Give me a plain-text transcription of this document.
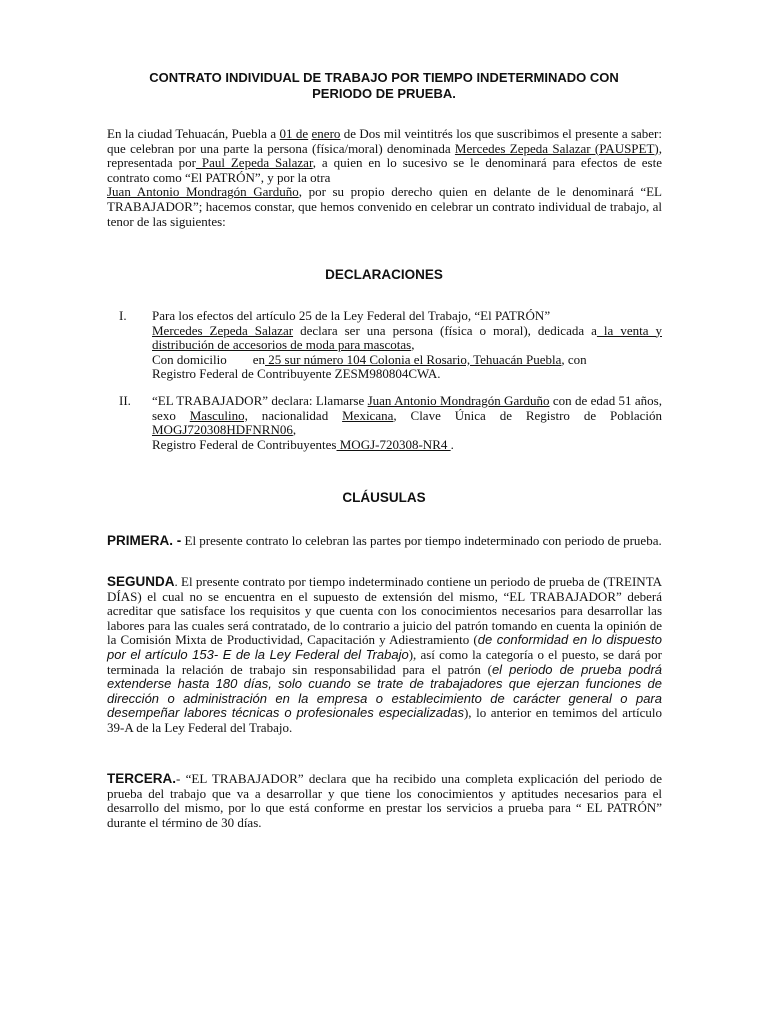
CONTRATO INDIVIDUAL DE TRABAJO POR TIEMPO INDETERMINADO CON
PERIODO DE PRUEBA.
En la ciudad Tehuacán, Puebla a 01 de enero de Dos mil veintitrés los que suscribimos el presente a saber: que celebran por una parte la persona (física/moral) denominada Mercedes Zepeda Salazar (PAUSPET), representada por Paul Zepeda Salazar, a quien en lo sucesivo se le denominará para efectos de este contrato como “El PATRÓN”, y por la otra
Juan Antonio Mondragón Garduño, por su propio derecho quien en delante de le denominará “EL TRABAJADOR”; hacemos constar, que hemos convenido en celebrar un contrato individual de trabajo, al tenor de las siguientes:
DECLARACIONES
I. Para los efectos del artículo 25 de la Ley Federal del Trabajo, “El PATRÓN”
Mercedes Zepeda Salazar declara ser una persona (física o moral), dedicada a la venta y distribución de accesorios de moda para mascotas,
Con domicilio        en 25 sur número 104 Colonia el Rosario, Tehuacán Puebla, con
Registro Federal de Contribuyente ZESM980804CWA.
II. “EL TRABAJADOR” declara: Llamarse Juan Antonio Mondragón Garduño con de edad 51 años, sexo Masculino, nacionalidad Mexicana, Clave Única de Registro de Población MOGJ720308HDFNRN06,
Registro Federal de Contribuyentes MOGJ-720308-NR4 .
CLÁUSULAS
PRIMERA. - El presente contrato lo celebran las partes por tiempo indeterminado con periodo de prueba.
SEGUNDA. El presente contrato por tiempo indeterminado contiene un periodo de prueba de (TREINTA DÍAS) el cual no se encuentra en el supuesto de extensión del mismo, “EL TRABAJADOR” deberá acreditar que satisface los requisitos y que cuenta con los conocimientos necesarios para desarrollar las labores para las cuales será contratado, de lo contrario a juicio del patrón tomando en cuenta la opinión de la Comisión Mixta de Productividad, Capacitación y Adiestramiento (de conformidad en lo dispuesto por el artículo 153- E de la Ley Federal del Trabajo), así como la categoría o el puesto, se dará por terminada la relación de trabajo sin responsabilidad para el patrón (el periodo de prueba podrá extenderse hasta 180 días, solo cuando se trate de trabajadores que ejerzan funciones de dirección o administración en la empresa o establecimiento de carácter general o para desempeñar labores técnicas o profesionales especializadas), lo anterior en temimos del artículo 39-A de la Ley Federal del Trabajo.
TERCERA.- “EL TRABAJADOR” declara que ha recibido una completa explicación del periodo de prueba del trabajo que va a desarrollar y que tiene los conocimientos y aptitudes necesarios para el desarrollo del mismo, por lo que está conforme en prestar los servicios a prueba para “ EL PATRÓN” durante el término de 30 días.
